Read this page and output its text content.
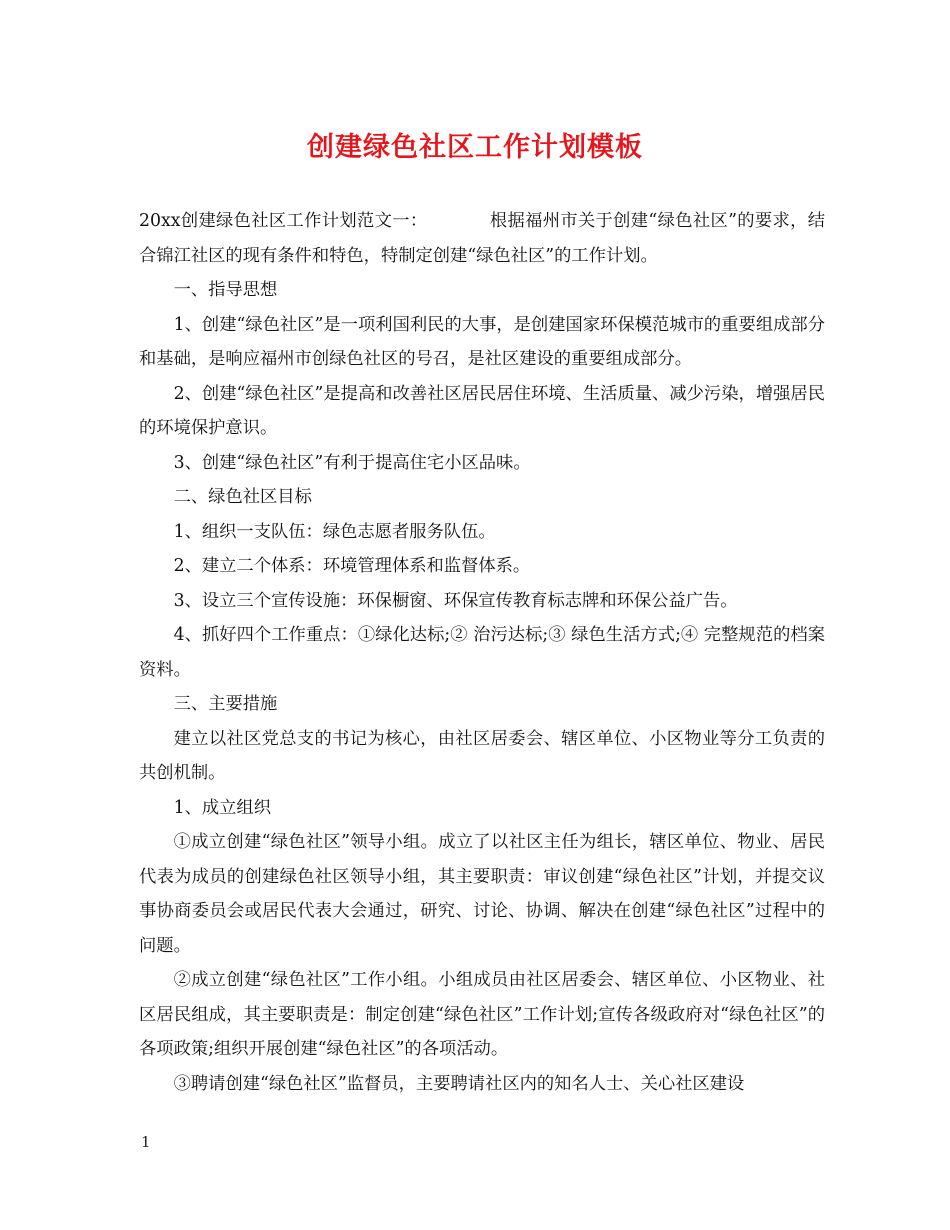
创建绿色社区工作计划模板

20xx创建绿色社区工作计划范文一：	根据福州市关于创建“绿色社区”的要求，结合锦江社区的现有条件和特色，特制定创建“绿色社区”的工作计划。

一、指导思想

1、创建“绿色社区”是一项利国利民的大事，是创建国家环保模范城市的重要组成部分和基础，是响应福州市创绿色社区的号召，是社区建设的重要组成部分。

2、创建“绿色社区”是提高和改善社区居民居住环境、生活质量、减少污染，增强居民的环境保护意识。

3、创建“绿色社区”有利于提高住宅小区品味。

二、绿色社区目标

1、组织一支队伍：绿色志愿者服务队伍。

2、建立二个体系：环境管理体系和监督体系。

3、设立三个宣传设施：环保橱窗、环保宣传教育标志牌和环保公益广告。

4、抓好四个工作重点：①绿化达标;② 治污达标;③ 绿色生活方式;④ 完整规范的档案资料。

三、主要措施

建立以社区党总支的书记为核心，由社区居委会、辖区单位、小区物业等分工负责的共创机制。

1、成立组织

①成立创建“绿色社区”领导小组。成立了以社区主任为组长，辖区单位、物业、居民代表为成员的创建绿色社区领导小组，其主要职责：审议创建“绿色社区”计划，并提交议事协商委员会或居民代表大会通过，研究、讨论、协调、解决在创建“绿色社区”过程中的问题。

②成立创建“绿色社区”工作小组。小组成员由社区居委会、辖区单位、小区物业、社区居民组成，其主要职责是：制定创建“绿色社区”工作计划;宣传各级政府对“绿色社区”的各项政策;组织开展创建“绿色社区”的各项活动。

③聘请创建“绿色社区”监督员，主要聘请社区内的知名人士、关心社区建设

1
